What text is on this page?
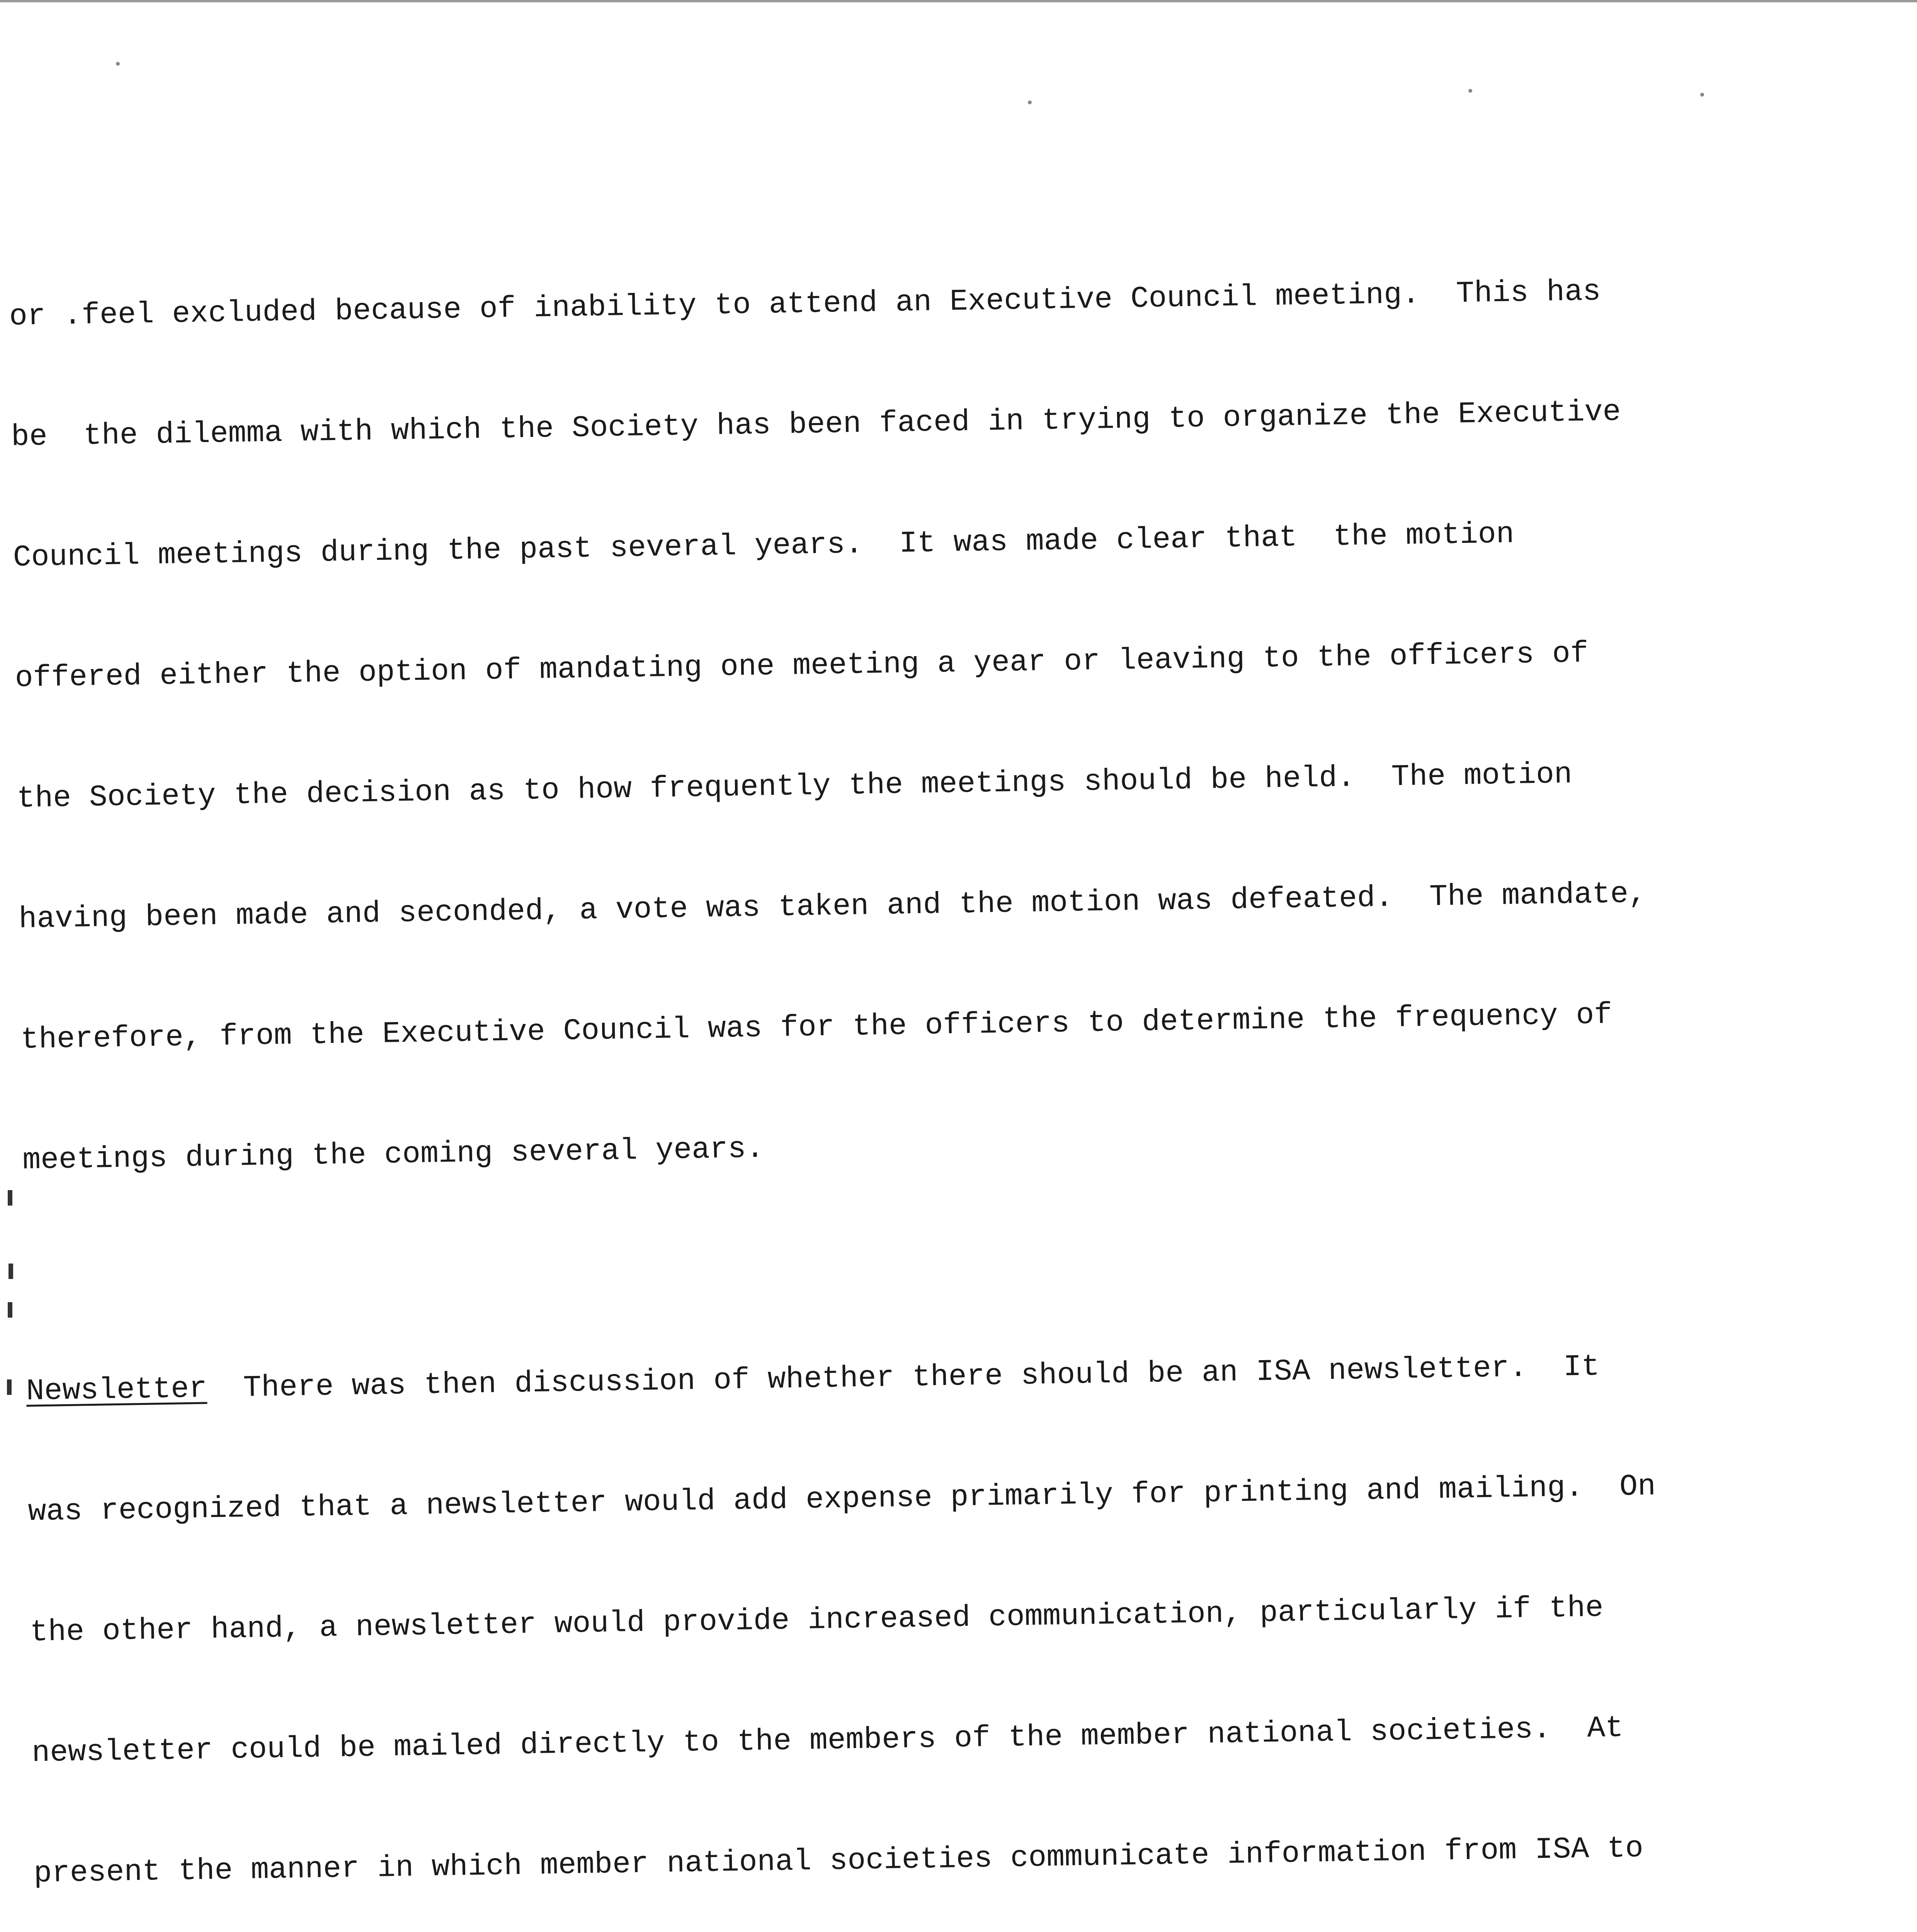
or .feel excluded because of inability to attend an Executive Council meeting.  This has

be  the dilemma with which the Society has been faced in trying to organize the Executive

Council meetings during the past several years.  It was made clear that  the motion

offered either the option of mandating one meeting a year or leaving to the officers of

the Society the decision as to how frequently the meetings should be held.  The motion

having been made and seconded, a vote was taken and the motion was defeated.  The mandate,

therefore, from the Executive Council was for the officers to determine the frequency of

meetings during the coming several years.

Newsletter  There was then discussion of whether there should be an ISA newsletter.  It

was recognized that a newsletter would add expense primarily for printing and mailing.  On

the other hand, a newsletter would provide increased communication, particularly if the

newsletter could be mailed directly to the members of the member national societies.  At

present the manner in which member national societies communicate information from ISA to
